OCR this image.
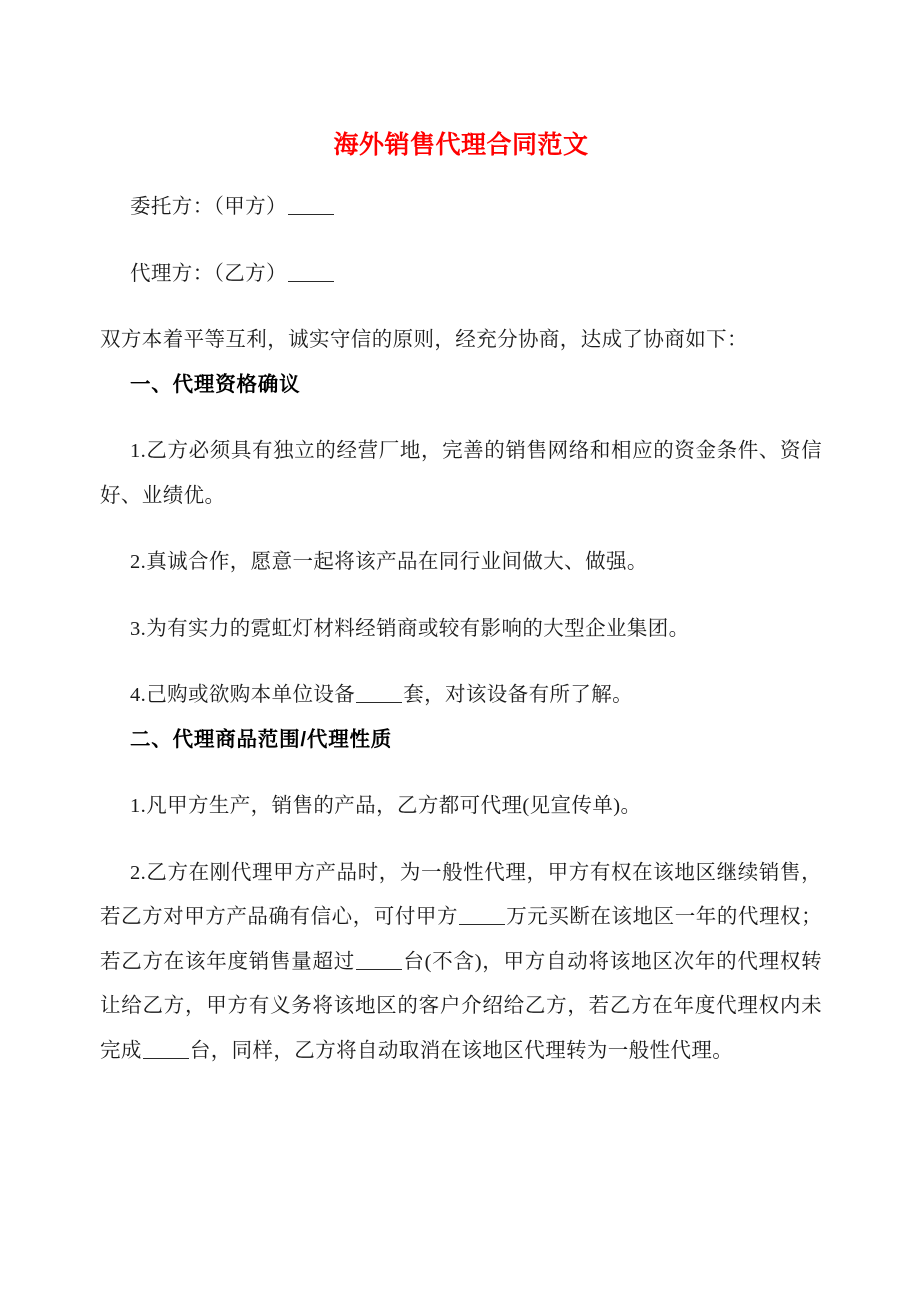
海外销售代理合同范文

委托方：（甲方）

代理方：（乙方）

双方本着平等互利，诚实守信的原则，经充分协商，达成了协商如下：

一、代理资格确议

1.乙方必须具有独立的经营厂地，完善的销售网络和相应的资金条件、资信好、业绩优。

2.真诚合作，愿意一起将该产品在同行业间做大、做强。

3.为有实力的霓虹灯材料经销商或较有影响的大型企业集团。

4.己购或欲购本单位设备 套，对该设备有所了解。

二、代理商品范围/代理性质

1.凡甲方生产，销售的产品，乙方都可代理(见宣传单)。

2.乙方在刚代理甲方产品时，为一般性代理，甲方有权在该地区继续销售，若乙方对甲方产品确有信心，可付甲方 万元买断在该地区一年的代理权；若乙方在该年度销售量超过 台(不含)，甲方自动将该地区次年的代理权转让给乙方，甲方有义务将该地区的客户介绍给乙方，若乙方在年度代理权内未完成 台，同样，乙方将自动取消在该地区代理转为一般性代理。
